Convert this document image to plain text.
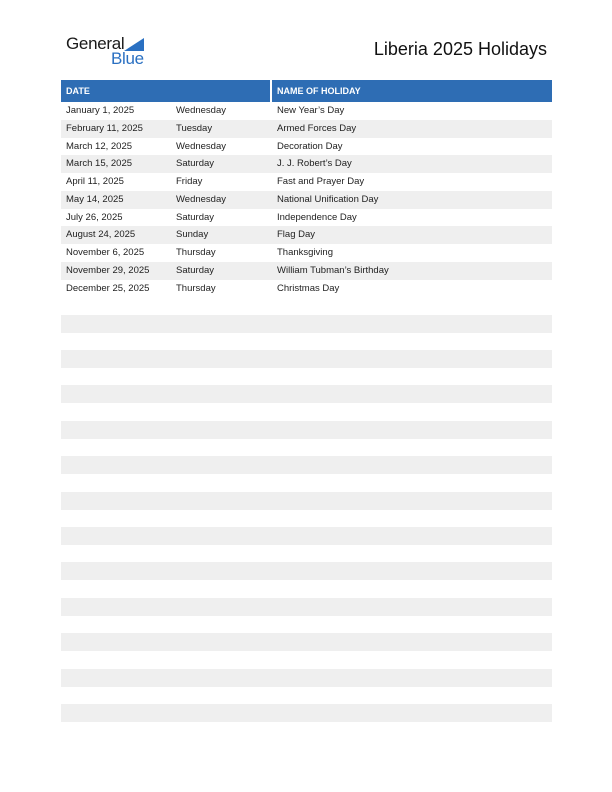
General
Blue	Liberia 2025 Holidays
DATE	NAME OF HOLIDAY
January 1, 2025	Wednesday	New Year’s Day
February 11, 2025	Tuesday	Armed Forces Day
March 12, 2025	Wednesday	Decoration Day
March 15, 2025	Saturday	J. J. Robert’s Day
April 11, 2025	Friday	Fast and Prayer Day
May 14, 2025	Wednesday	National Unification Day
July 26, 2025	Saturday	Independence Day
August 24, 2025	Sunday	Flag Day
November 6, 2025	Thursday	Thanksgiving
November 29, 2025	Saturday	William Tubman’s Birthday
December 25, 2025	Thursday	Christmas Day
